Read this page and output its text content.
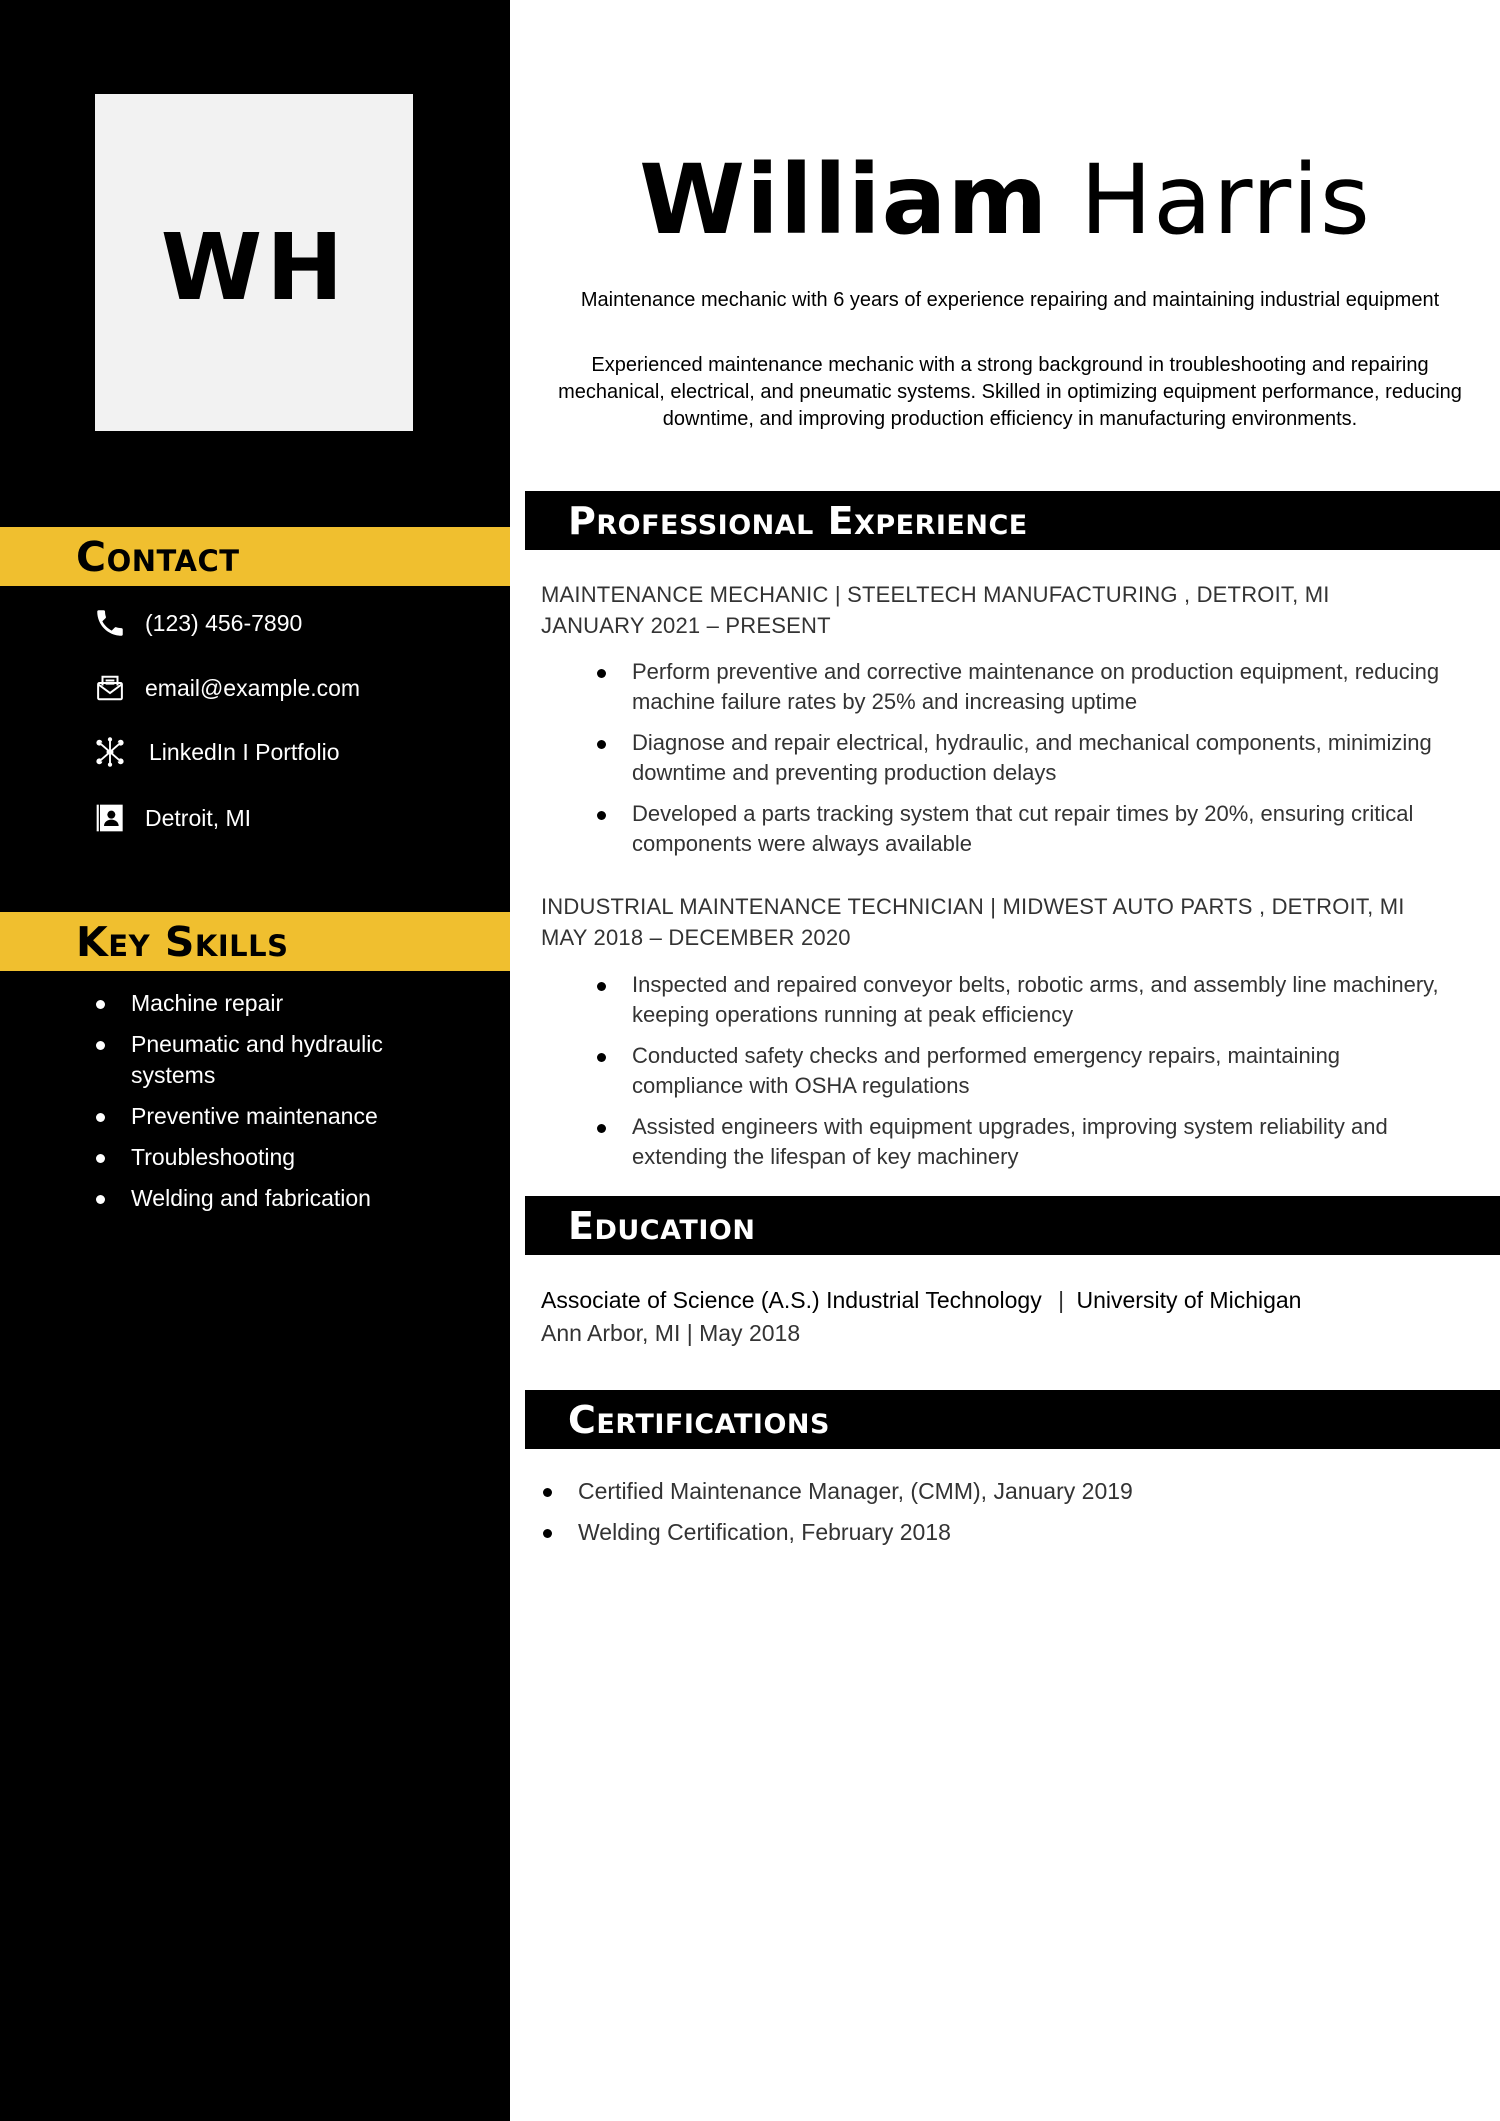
WH
Contact
(123) 456-7890
email@example.com
LinkedIn I Portfolio
Detroit, MI
Key Skills
Machine repair
Pneumatic and hydraulic systems
Preventive maintenance
Troubleshooting
Welding and fabrication
William Harris
Maintenance mechanic with 6 years of experience repairing and maintaining industrial equipment
Experienced maintenance mechanic with a strong background in troubleshooting and repairing mechanical, electrical, and pneumatic systems. Skilled in optimizing equipment performance, reducing downtime, and improving production efficiency in manufacturing environments.
Professional Experience
MAINTENANCE MECHANIC | STEELTECH MANUFACTURING , DETROIT, MI
JANUARY 2021 – PRESENT
Perform preventive and corrective maintenance on production equipment, reducing machine failure rates by 25% and increasing uptime
Diagnose and repair electrical, hydraulic, and mechanical components, minimizing downtime and preventing production delays
Developed a parts tracking system that cut repair times by 20%, ensuring critical components were always available
INDUSTRIAL MAINTENANCE TECHNICIAN | MIDWEST AUTO PARTS , DETROIT, MI
MAY 2018 – DECEMBER 2020
Inspected and repaired conveyor belts, robotic arms, and assembly line machinery, keeping operations running at peak efficiency
Conducted safety checks and performed emergency repairs, maintaining compliance with OSHA regulations
Assisted engineers with equipment upgrades, improving system reliability and extending the lifespan of key machinery
Education
Associate of Science (A.S.) Industrial Technology | University of Michigan
Ann Arbor, MI | May 2018
Certifications
Certified Maintenance Manager, (CMM), January 2019
Welding Certification, February 2018
